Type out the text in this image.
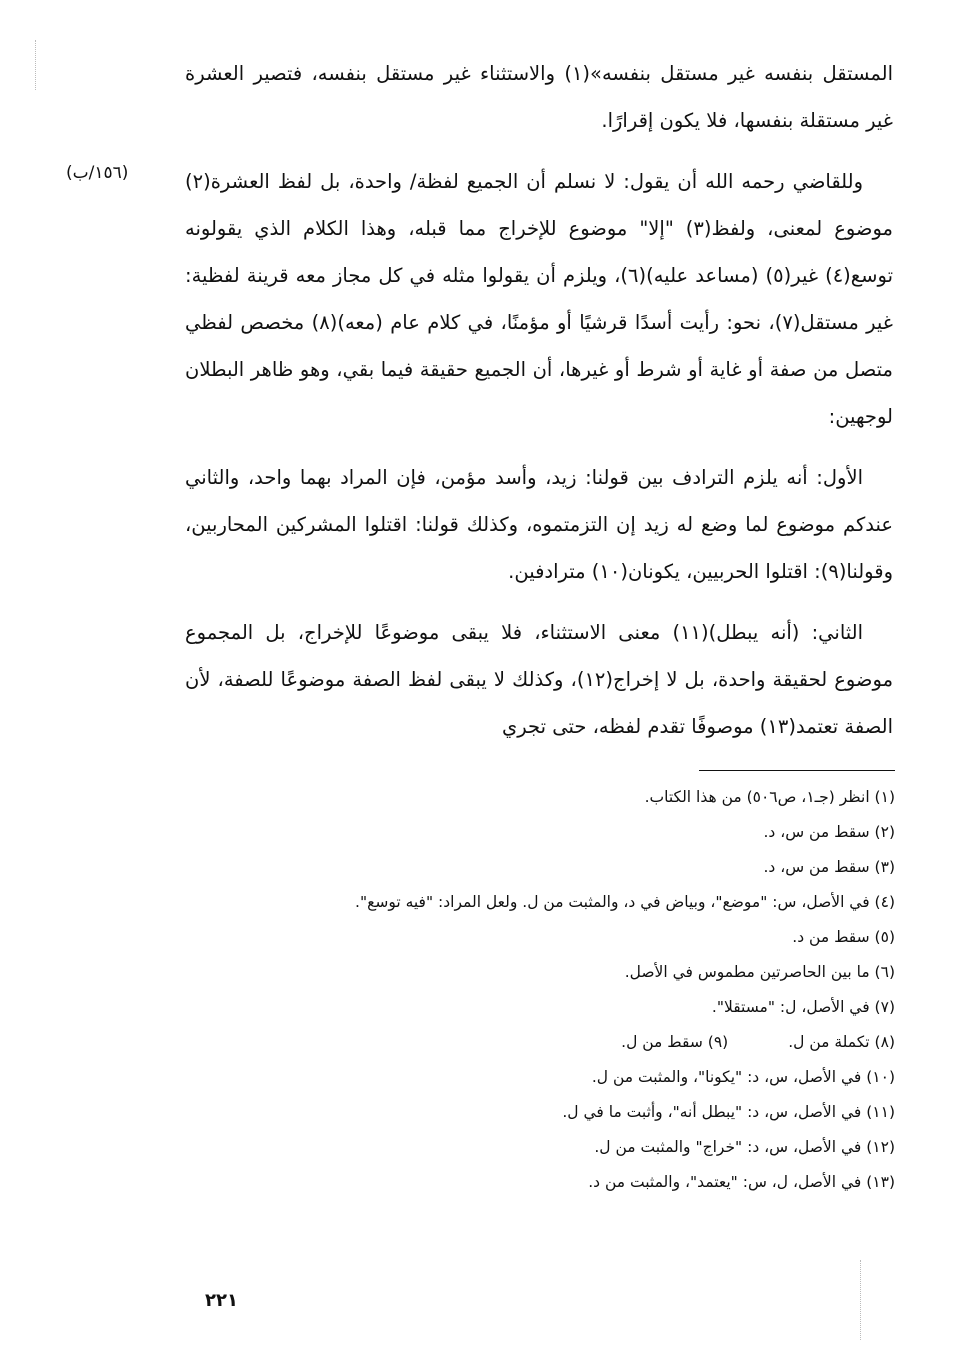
(١٥٦/ب)

المستقل بنفسه غير مستقل بنفسه»(١) والاستثناء غير مستقل بنفسه، فتصير العشرة غير مستقلة بنفسها، فلا يكون إقرارًا.

وللقاضي رحمه الله أن يقول: لا نسلم أن الجميع لفظة/ واحدة، بل لفظ العشرة(٢) موضوع لمعنى، ولفظ(٣) "إلا" موضوع للإخراج مما قبله، وهذا الكلام الذي يقولونه توسع(٤) غير(٥) (مساعد عليه)(٦)، ويلزم أن يقولوا مثله في كل مجاز معه قرينة لفظية: غير مستقل(٧)، نحو: رأيت أسدًا قرشيًا أو مؤمنًا، في كلام عام (معه)(٨) مخصص لفظي متصل من صفة أو غاية أو شرط أو غيرها، أن الجميع حقيقة فيما بقي، وهو ظاهر البطلان لوجهين:

الأول: أنه يلزم الترادف بين قولنا: زيد، وأسد مؤمن، فإن المراد بهما واحد، والثاني عندكم موضوع لما وضع له زيد إن التزمتموه، وكذلك قولنا: اقتلوا المشركين المحاربين، وقولنا(٩): اقتلوا الحربيين، يكونان(١٠) مترادفين.

الثاني: (أنه يبطل)(١١) معنى الاستثناء، فلا يبقى موضوعًا للإخراج، بل المجموع موضوع لحقيقة واحدة، بل لا إخراج(١٢)، وكذلك لا يبقى لفظ الصفة موضوعًا للصفة، لأن الصفة تعتمد(١٣) موصوفًا تقدم لفظه، حتى تجري

(١) انظر (جـ١، ص٥٠٦) من هذا الكتاب.
(٢) سقط من س، د.
(٣) سقط من س، د.
(٤) في الأصل، س: "موضع"، وبياض في د، والمثبت من ل. ولعل المراد: "فيه توسع".
(٥) سقط من د.
(٦) ما بين الحاصرتين مطموس في الأصل.
(٧) في الأصل، ل: "مستقلا".
(٨) تكملة من ل.(٩) سقط من ل.
(١٠) في الأصل، س، د: "يكونا"، والمثبت من ل.
(١١) في الأصل، س، د: "يبطل أنه"، وأثبت ما في ل.
(١٢) في الأصل، س، د: "خراج" والمثبت من ل.
(١٣) في الأصل، ل، س: "يعتمد"، والمثبت من د.
٢٢١
